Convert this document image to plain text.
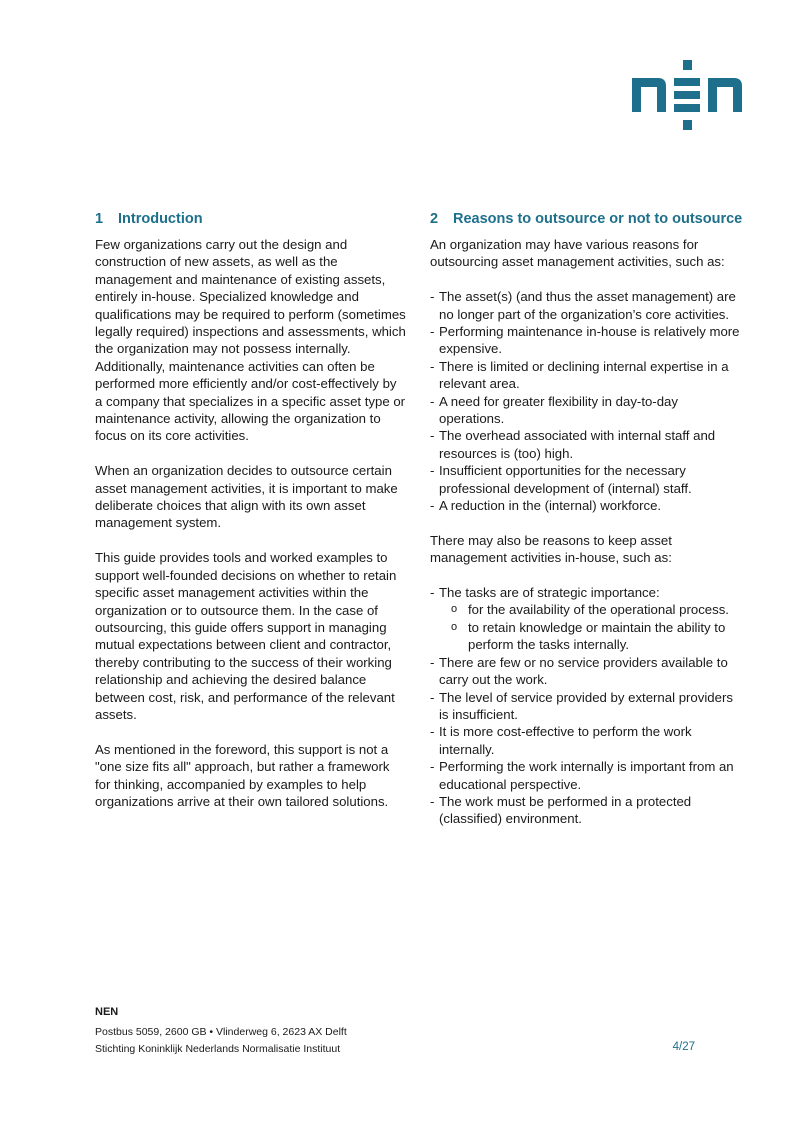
1	Introduction

Few organizations carry out the design and construction of new assets, as well as the management and maintenance of existing assets, entirely in-house. Specialized knowledge and qualifications may be required to perform (sometimes legally required) inspections and assessments, which the organization may not possess internally. Additionally, maintenance activities can often be performed more efficiently and/or cost-effectively by a company that specializes in a specific asset type or maintenance activity, allowing the organization to focus on its core activities.

When an organization decides to outsource certain asset management activities, it is important to make deliberate choices that align with its own asset management system.

This guide provides tools and worked examples to support well-founded decisions on whether to retain specific asset management activities within the organization or to outsource them. In the case of outsourcing, this guide offers support in managing mutual expectations between client and contractor, thereby contributing to the success of their working relationship and achieving the desired balance between cost, risk, and performance of the relevant assets.

As mentioned in the foreword, this support is not a "one size fits all" approach, but rather a framework for thinking, accompanied by examples to help organizations arrive at their own tailored solutions.

2	Reasons to outsource or not to outsource

An organization may have various reasons for outsourcing asset management activities, such as:

- The asset(s) (and thus the asset management) are no longer part of the organization’s core activities.
- Performing maintenance in-house is relatively more expensive.
- There is limited or declining internal expertise in a relevant area.
- A need for greater flexibility in day-to-day operations.
- The overhead associated with internal staff and resources is (too) high.
- Insufficient opportunities for the necessary professional development of (internal) staff.
- A reduction in the (internal) workforce.

There may also be reasons to keep asset management activities in-house, such as:

- The tasks are of strategic importance:
o for the availability of the operational process.
o to retain knowledge or maintain the ability to perform the tasks internally.
- There are few or no service providers available to carry out the work.
- The level of service provided by external providers is insufficient.
- It is more cost-effective to perform the work internally.
- Performing the work internally is important from an educational perspective.
- The work must be performed in a protected (classified) environment.
NEN
Postbus 5059, 2600 GB • Vlinderweg 6, 2623 AX Delft
Stichting Koninklijk Nederlands Normalisatie Instituut	4/27
